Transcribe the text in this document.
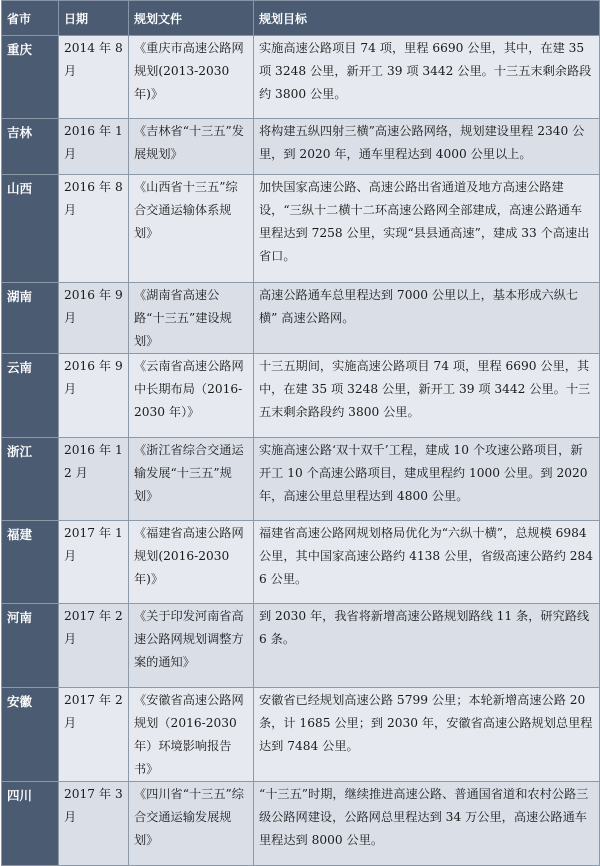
省市	日期	规划文件	规划目标
重庆	2014 年 8 月	《重庆市高速公路网规划(2013-2030 年)》	实施高速公路项目 74 项，里程 6690 公里，其中，在建 35 项 3248 公里，新开工 39 项 3442 公里。十三五末剩余路段约 3800 公里。
吉林	2016 年 1 月	《吉林省“十三五”发展规划》	将构建五纵四射三横”高速公路网络，规划建设里程 2340 公里，到 2020 年，通车里程达到 4000 公里以上。
山西	2016 年 8 月	《山西省十三五”综合交通运输体系规划》	加快国家高速公路、高速公路出省通道及地方高速公路建设，“三纵十二横十二环高速公路网全部建成，高速公路通车里程达到 7258 公里，实现“县县通高速”，建成 33 个高速出省口。
湖南	2016 年 9 月	《湖南省高速公路“十三五”建设规划》	高速公路通车总里程达到 7000 公里以上，基本形成六纵七横” 高速公路网。
云南	2016 年 9 月	《云南省高速公路网中长期布局（2016-2030 年）》	十三五期间，实施高速公路项目 74 项，里程 6690 公里，其中，在建 35 项 3248 公里，新开工 39 项 3442 公里。十三五末剩余路段约 3800 公里。
浙江	2016 年 12 月	《浙江省综合交通运输发展“十三五”规划》	实施高速公路‘双十双千’工程，建成 10 个攻速公路项目，新开工 10 个高速公路项目，建成里程约 1000 公里。到 2020 年，高速公里总里程达到 4800 公里。
福建	2017 年 1 月	《福建省高速公路网规划(2016-2030 年)》	福建省高速公路网规划格局优化为“六纵十横”，总规模 6984 公里，其中国家高速公路约 4138 公里，省级高速公路约 2846 公里。
河南	2017 年 2 月	《关于印发河南省高速公路网规划调整方案的通知》	到 2030 年，我省将新增高速公路规划路线 11 条，研究路线 6 条。
安徽	2017 年 2 月	《安徽省高速公路网规划（2016-2030 年）环境影响报告书》	安徽省已经规划高速公路 5799 公里；本轮新增高速公路 20 条，计 1685 公里；到 2030 年，安徽省高速公路规划总里程达到 7484 公里。
四川	2017 年 3 月	《四川省“十三五”综合交通运输发展规划》	“十三五”时期，继续推进高速公路、普通国省道和农村公路三级公路网建设，公路网总里程达到 34 万公里，高速公路通车里程达到 8000 公里。
